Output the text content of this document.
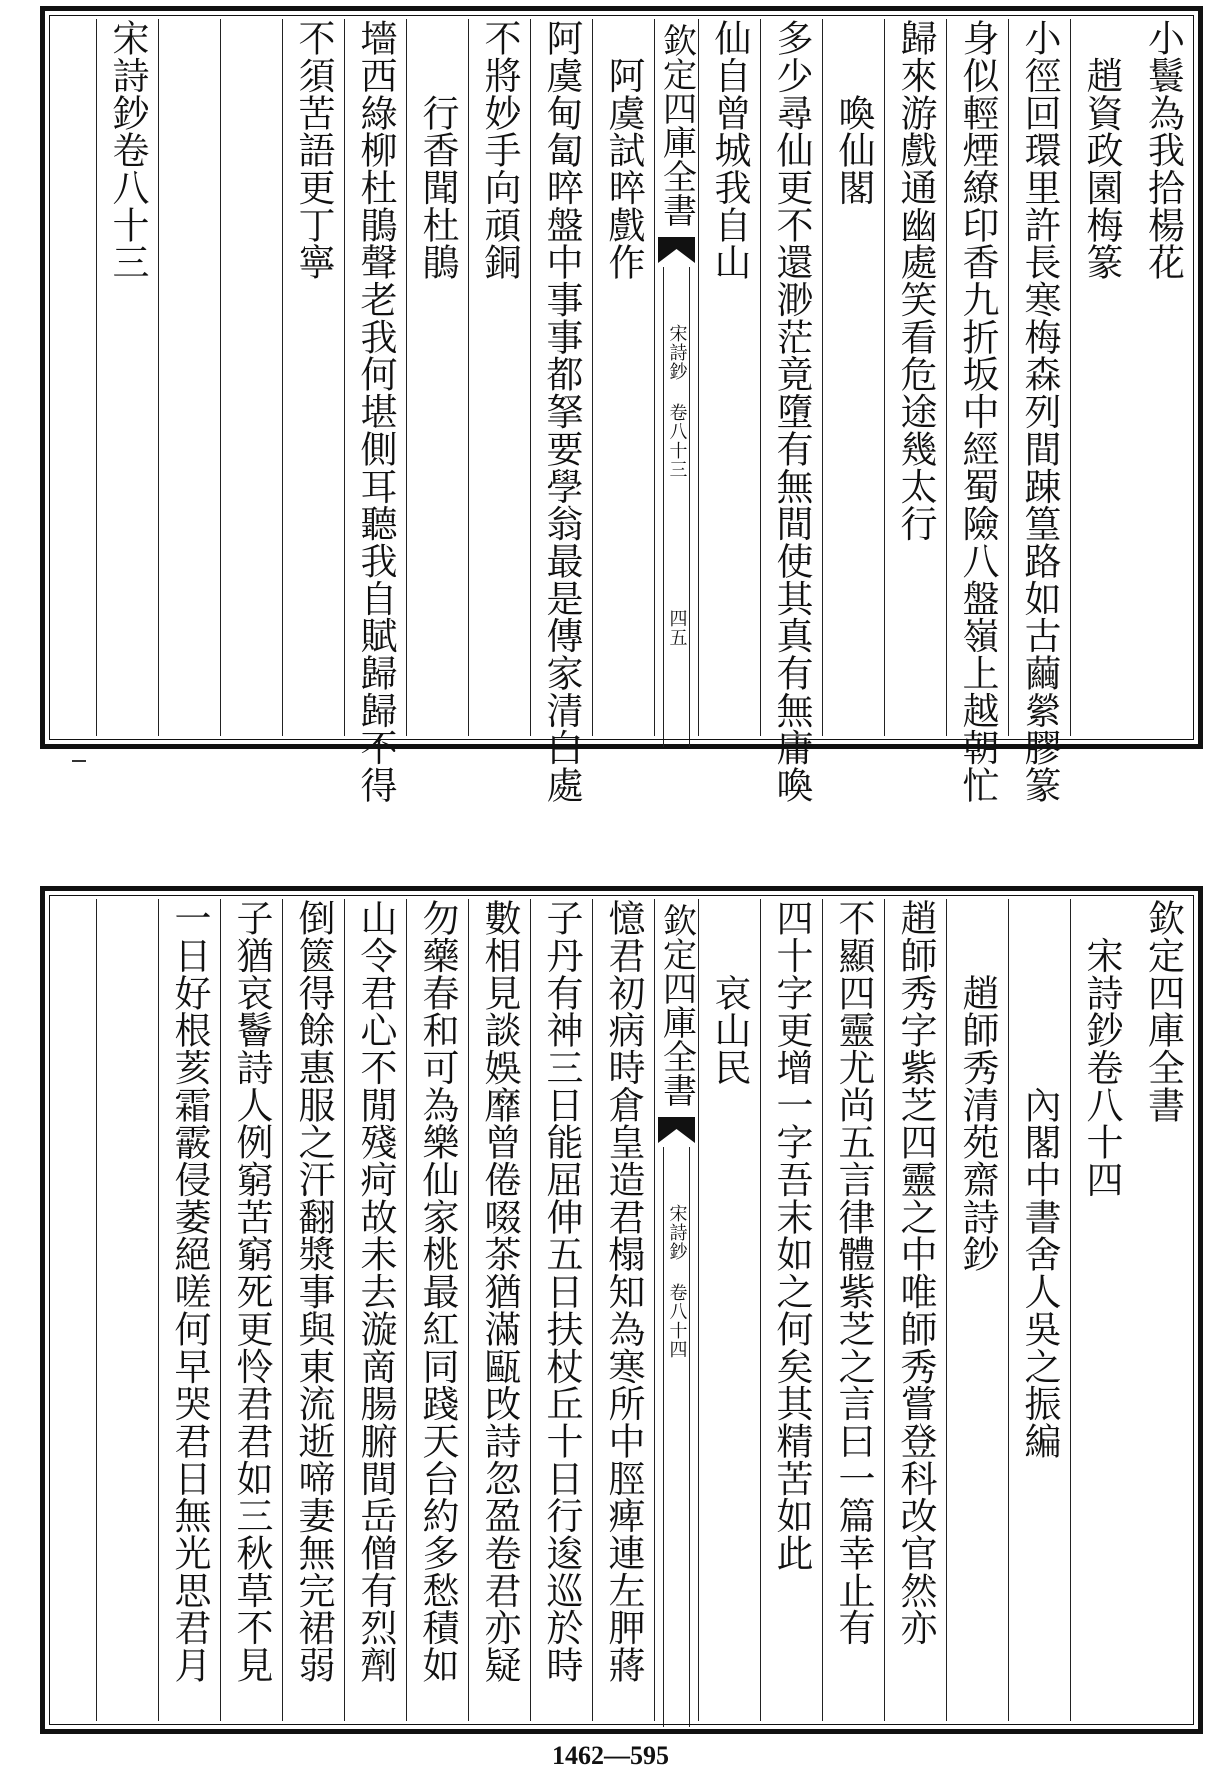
小鬟為我拾楊花
　趙資政園梅篆
小徑回環里許長寒梅森列間踈篁路如古繭縈膠篆
身似輕煙繚印香九折坂中經蜀險八盤嶺上越朝忙
歸來游戲通幽處笑看危途幾太行
　　喚仙閣
多少尋仙更不還渺茫竟墮有無間使其真有無庸喚
仙自曾城我自山
欽定四庫全書
宋詩鈔 卷八十三
四五
　阿虞試晬戲作
阿虞甸匐晬盤中事事都拏要學翁最是傳家清白處
不將妙手向頑銅
　　行香聞杜鵑
墻西綠柳杜鵑聲老我何堪側耳聽我自賦歸歸不得
不須苦語更丁寧
宋詩鈔卷八十三
欽定四庫全書
　宋詩鈔卷八十四
　　　　　內閣中書舍人吳之振編
　　趙師秀清苑齋詩鈔
趙師秀字紫芝四靈之中唯師秀嘗登科改官然亦
不顯四靈尤尚五言律體紫芝之言曰一篇幸止有
四十字更增一字吾末如之何矣其精苦如此
　　哀山民
欽定四庫全書
宋詩鈔 卷八十四
憶君初病時倉皇造君榻知為寒所中脛痺連左胛蔣
子丹有神三日能屈伸五日扶杖丘十日行逡巡於時
數相見談娛靡曾倦啜茶猶滿甌攺詩忽盈卷君亦疑
勿藥春和可為樂仙家桃最紅同踐天台約多愁積如
山令君心不閒殘疴故未去漩啇腸腑間岳僧有烈劑
倒篋得餘惠服之汗翻漿事與東流逝啼妻無完裙弱
子猶哀鬠詩人例窮苦窮死更怜君君如三秋草不見
一日好根荄霜霰侵萎絕嗟何早哭君日無光思君月
1462—595
